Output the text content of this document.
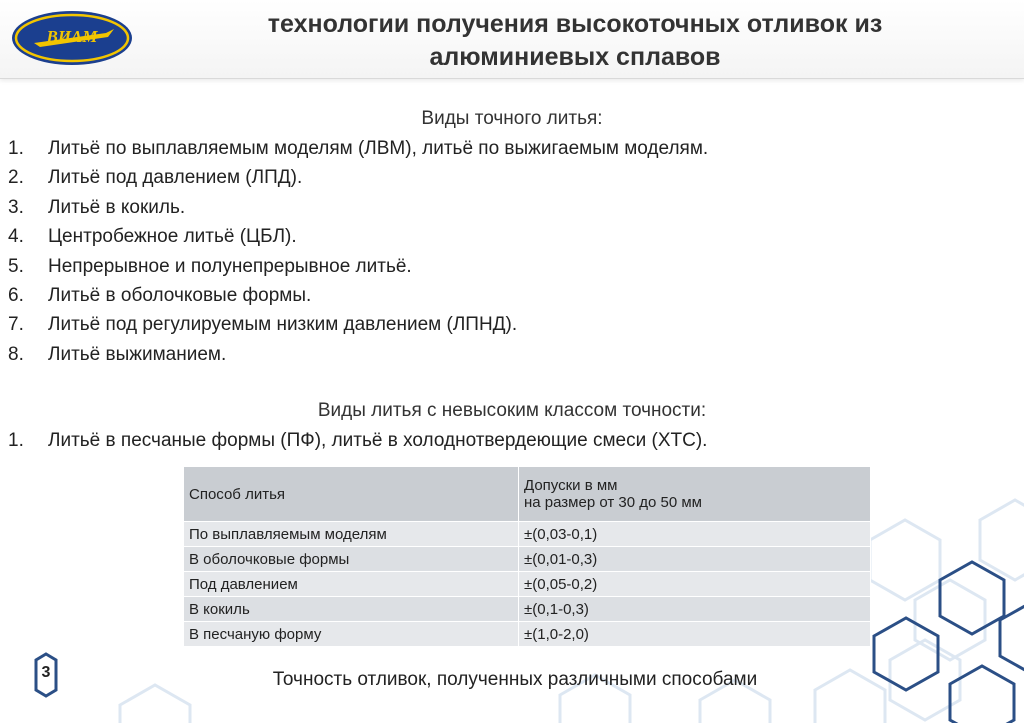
ВИАМ	технологии получения высокоточных отливок из
алюминиевых сплавов
Виды точного литья:
1. Литьё по выплавляемым моделям (ЛВМ), литьё по выжигаемым моделям.
2. Литьё под давлением (ЛПД).
3. Литьё в кокиль.
4. Центробежное литьё (ЦБЛ).
5. Непрерывное и полунепрерывное литьё.
6. Литьё в оболочковые формы.
7. Литьё под регулируемым низким давлением (ЛПНД).
8. Литьё выжиманием.
Виды литья с невысоким классом точности:
1. Литьё в песчаные формы (ПФ), литьё в холоднотвердеющие смеси (ХТС).
Способ литья	Допуски в мм
на размер от 30 до 50 мм

По выплавляемым моделям	±(0,03-0,1)
В оболочковые формы	±(0,01-0,3)
Под давлением	±(0,05-0,2)
В кокиль	±(0,1-0,3)
В песчаную форму	±(1,0-2,0)
3	Точность отливок, полученных различными способами
